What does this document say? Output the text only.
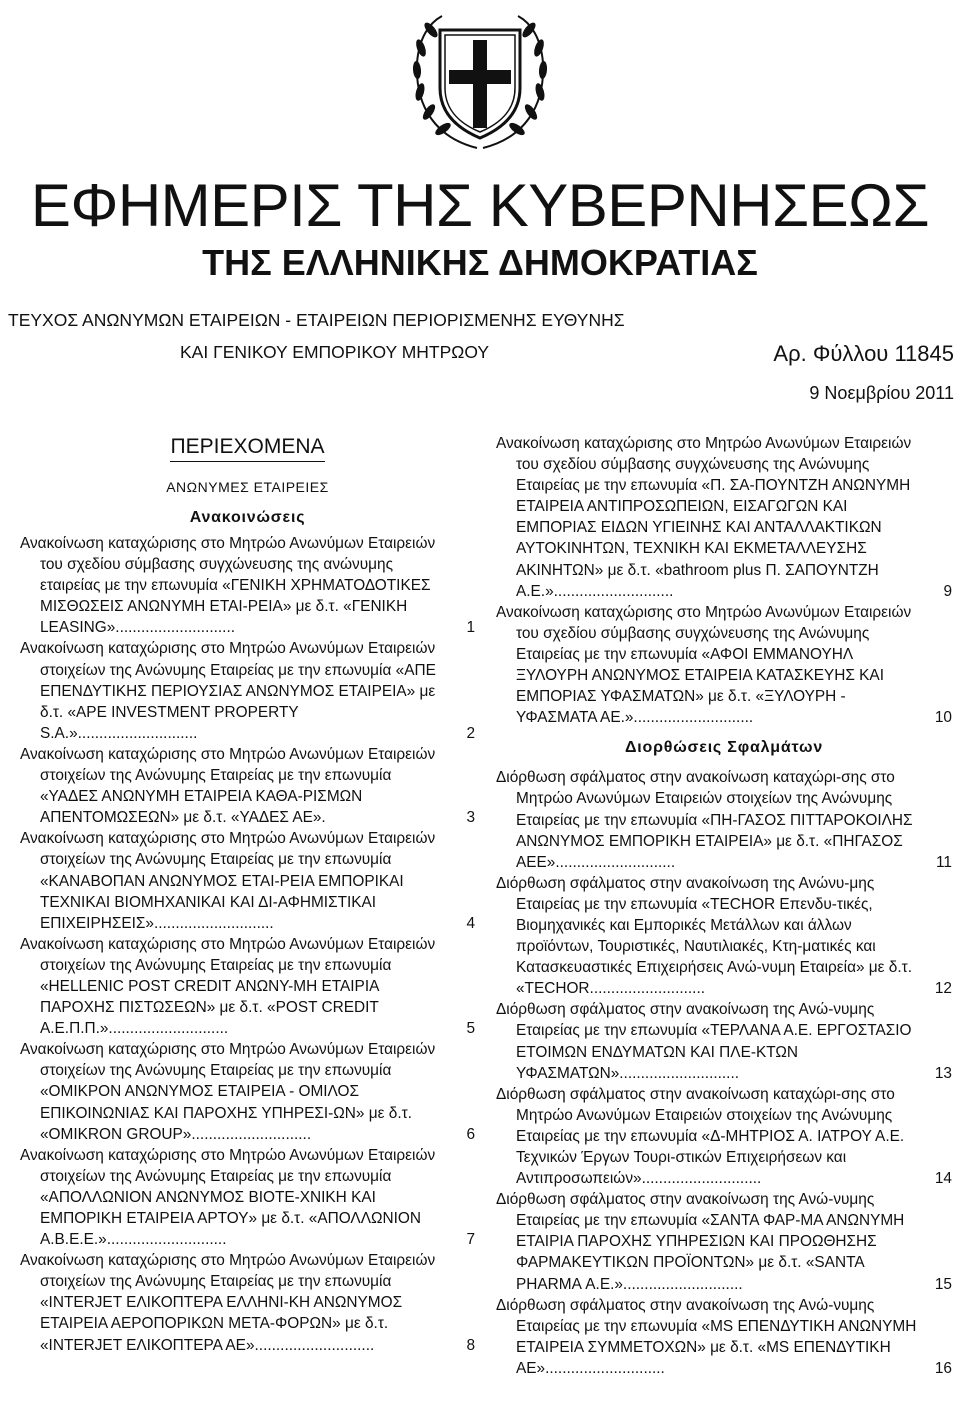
ΕΦΗΜΕΡΙΣ ΤΗΣ ΚΥΒΕΡΝΗΣΕΩΣ
ΤΗΣ ΕΛΛΗΝΙΚΗΣ ΔΗΜΟΚΡΑΤΙΑΣ
ΤΕΥΧΟΣ ΑΝΩΝΥΜΩΝ ΕΤΑΙΡΕΙΩΝ - ΕΤΑΙΡΕΙΩΝ ΠΕΡΙΟΡΙΣΜΕΝΗΣ ΕΥΘΥΝΗΣ
ΚΑΙ ΓΕΝΙΚΟΥ ΕΜΠΟΡΙΚΟΥ ΜΗΤΡΩΟΥ	Αρ. Φύλλου 11845
9 Νοεμβρίου 2011
ΠΕΡΙΕΧΟΜΕΝΑ
ΑΝΩΝΥΜΕΣ ΕΤΑΙΡΕΙΕΣ
Ανακοινώσεις
Ανακοίνωση καταχώρισης στο Μητρώο Ανωνύμων Εταιρειών του σχεδίου σύμβασης συγχώνευσης της ανώνυμης εταιρείας με την επωνυμία «ΓΕΝΙΚΗ ΧΡΗΜΑΤΟΔΟΤΙΚΕΣ ΜΙΣΘΩΣΕΙΣ ΑΝΩΝΥΜΗ ΕΤΑΙ-ΡΕΙΑ» με δ.τ. «ΓΕΝΙΚΗ LEASING»............................	1
Ανακοίνωση καταχώρισης στο Μητρώο Ανωνύμων Εταιρειών στοιχείων της Ανώνυμης Εταιρείας με την επωνυμία «ΑΠΕ ΕΠΕΝΔΥΤΙΚΗΣ ΠΕΡΙΟΥΣΙΑΣ ΑΝΩΝΥΜΟΣ ΕΤΑΙΡΕΙΑ» με δ.τ. «APE INVESTMENT PROPERTY S.A.»............................	2
Ανακοίνωση καταχώρισης στο Μητρώο Ανωνύμων Εταιρειών στοιχείων της Ανώνυμης Εταιρείας με την επωνυμία «ΥΑΔΕΣ ΑΝΩΝΥΜΗ ΕΤΑΙΡΕΙΑ ΚΑΘΑ-ΡΙΣΜΩΝ ΑΠΕΝΤΟΜΩΣΕΩΝ» με δ.τ. «ΥΑΔΕΣ ΑΕ».	3
Ανακοίνωση καταχώρισης στο Μητρώο Ανωνύμων Εταιρειών στοιχείων της Ανώνυμης Εταιρείας με την επωνυμία «ΚΑΝΑΒΟΠΑΝ ΑΝΩΝΥΜΟΣ ΕΤΑΙ-ΡΕΙΑ ΕΜΠΟΡΙΚΑΙ ΤΕΧΝΙΚΑΙ ΒΙΟΜΗΧΑΝΙΚΑΙ ΚΑΙ ΔΙ-ΑΦΗΜΙΣΤΙΚΑΙ ΕΠΙΧΕΙΡΗΣΕΙΣ»............................	4
Ανακοίνωση καταχώρισης στο Μητρώο Ανωνύμων Εταιρειών στοιχείων της Ανώνυμης Εταιρείας με την επωνυμία «HELLENIC POST CREDIT ΑΝΩΝΥ-ΜΗ ΕΤΑΙΡΙΑ ΠΑΡΟΧΗΣ ΠΙΣΤΩΣΕΩΝ» με δ.τ. «POST CREDIT Α.Ε.Π.Π.»............................	5
Ανακοίνωση καταχώρισης στο Μητρώο Ανωνύμων Εταιρειών στοιχείων της Ανώνυμης Εταιρείας με την επωνυμία «ΟΜΙΚΡΟΝ ΑΝΩΝΥΜΟΣ ΕΤΑΙΡΕΙΑ - ΟΜΙΛΟΣ ΕΠΙΚΟΙΝΩΝΙΑΣ ΚΑΙ ΠΑΡΟΧΗΣ ΥΠΗΡΕΣΙ-ΩΝ» με δ.τ. «ΟΜΙΚRON GROUP»............................	6
Ανακοίνωση καταχώρισης στο Μητρώο Ανωνύμων Εταιρειών στοιχείων της Ανώνυμης Εταιρείας με την επωνυμία «ΑΠΟΛΛΩΝΙΟΝ ΑΝΩΝΥΜΟΣ ΒΙΟΤΕ-ΧΝΙΚΗ ΚΑΙ ΕΜΠΟΡΙΚΗ ΕΤΑΙΡΕΙΑ ΑΡΤΟΥ» με δ.τ. «ΑΠΟΛΛΩΝΙΟΝ Α.Β.Ε.Ε.»............................	7
Ανακοίνωση καταχώρισης στο Μητρώο Ανωνύμων Εταιρειών στοιχείων της Ανώνυμης Εταιρείας με την επωνυμία «INTERJET ΕΛΙΚΟΠΤΕΡΑ ΕΛΛΗΝΙ-ΚΗ ΑΝΩΝΥΜΟΣ ΕΤΑΙΡΕΙΑ ΑΕΡΟΠΟΡΙΚΩΝ ΜΕΤΑ-ΦΟΡΩΝ» με δ.τ. «INTERJET ΕΛΙΚΟΠΤΕΡΑ ΑΕ»............................	8
Ανακοίνωση καταχώρισης στο Μητρώο Ανωνύμων Εταιρειών του σχεδίου σύμβασης συγχώνευσης της Ανώνυμης Εταιρείας με την επωνυμία «Π. ΣΑ-ΠΟΥΝΤΖΗ ΑΝΩΝΥΜΗ ΕΤΑΙΡΕΙΑ ΑΝΤΙΠΡΟΣΩΠΕΙΩΝ, ΕΙΣΑΓΩΓΩΝ ΚΑΙ ΕΜΠΟΡΙΑΣ ΕΙΔΩΝ ΥΓΙΕΙΝΗΣ ΚΑΙ ΑΝΤΑΛΛΑΚΤΙΚΩΝ ΑΥΤΟΚΙΝΗΤΩΝ, ΤΕΧΝΙΚΗ ΚΑΙ ΕΚΜΕΤΑΛΛΕΥΣΗΣ ΑΚΙΝΗΤΩΝ» με δ.τ. «bathroom plus Π. ΣΑΠΟΥΝΤΖΗ Α.Ε.»............................	9
Ανακοίνωση καταχώρισης στο Μητρώο Ανωνύμων Εταιρειών του σχεδίου σύμβασης συγχώνευσης της Ανώνυμης Εταιρείας με την επωνυμία «ΑΦΟΙ ΕΜΜΑΝΟΥΗΛ ΞΥΛΟΥΡΗ ΑΝΩΝΥΜΟΣ ΕΤΑΙΡΕΙΑ ΚΑΤΑΣΚΕΥΗΣ ΚΑΙ ΕΜΠΟΡΙΑΣ ΥΦΑΣΜΑΤΩΝ» με δ.τ. «ΞΥΛΟΥΡΗ - ΥΦΑΣΜΑΤΑ ΑΕ.»............................	10
Διορθώσεις Σφαλμάτων
Διόρθωση σφάλματος στην ανακοίνωση καταχώρι-σης στο Μητρώο Ανωνύμων Εταιρειών στοιχείων της Ανώνυμης Εταιρείας με την επωνυμία «ΠΗ-ΓΑΣΟΣ ΠΙΤΤΑΡΟΚΟΙΛΗΣ ΑΝΩΝΥΜΟΣ ΕΜΠΟΡΙΚΗ ΕΤΑΙΡΕΙΑ» με δ.τ. «ΠΗΓΑΣΟΣ ΑΕΕ»............................	11
Διόρθωση σφάλματος στην ανακοίνωση της Ανώνυ-μης Εταιρείας με την επωνυμία «TECHOR Επενδυ-τικές, Βιομηχανικές και Εμπορικές Μετάλλων και άλλων προϊόντων, Τουριστικές, Ναυτιλιακές, Κτη-ματικές και Κατασκευαστικές Επιχειρήσεις Ανώ-νυμη Εταιρεία» με δ.τ. «TECHOR...........................	12
Διόρθωση σφάλματος στην ανακοίνωση της Ανώ-νυμης Εταιρείας με την επωνυμία «ΤΕΡΛΑΝΑ Α.Ε. ΕΡΓΟΣΤΑΣΙΟ ΕΤΟΙΜΩΝ ΕΝΔΥΜΑΤΩΝ ΚΑΙ ΠΛΕ-ΚΤΩΝ ΥΦΑΣΜΑΤΩΝ»............................	13
Διόρθωση σφάλματος στην ανακοίνωση καταχώρι-σης στο Μητρώο Ανωνύμων Εταιρειών στοιχείων της Ανώνυμης Εταιρείας με την επωνυμία «Δ-ΜΗΤΡΙΟΣ Α. ΙΑΤΡΟΥ Α.Ε. Τεχνικών Έργων Τουρι-στικών Επιχειρήσεων και Αντιπροσωπειών»............................	14
Διόρθωση σφάλματος στην ανακοίνωση της Ανώ-νυμης Εταιρείας με την επωνυμία «ΣΑΝΤΑ ΦΑΡ-ΜΑ ΑΝΩΝΥΜΗ ΕΤΑΙΡΙΑ ΠΑΡΟΧΗΣ ΥΠΗΡΕΣΙΩΝ ΚΑΙ ΠΡΟΩΘΗΣΗΣ ΦΑΡΜΑΚΕΥΤΙΚΩΝ ΠΡΟΪΟΝΤΩΝ» με δ.τ. «SANTA PHARMA Α.Ε.»............................	15
Διόρθωση σφάλματος στην ανακοίνωση της Ανώ-νυμης Εταιρείας με την επωνυμία «MS ΕΠΕΝΔΥΤΙΚΗ ΑΝΩΝΥΜΗ ΕΤΑΙΡΕΙΑ ΣΥΜΜΕΤΟΧΩΝ» με δ.τ. «MS ΕΠΕΝΔΥΤΙΚΗ ΑΕ»............................	16
